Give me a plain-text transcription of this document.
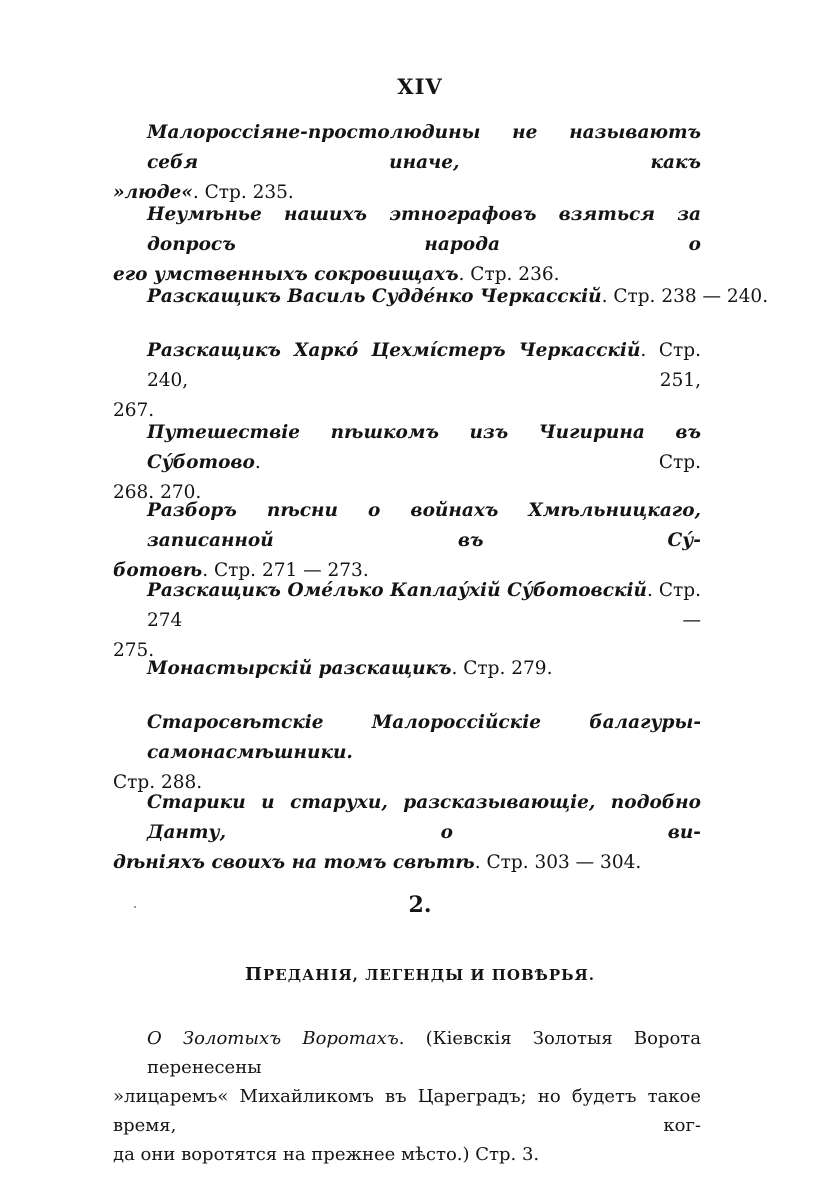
XIV
Малороссіяне-простолюдины не называютъ себя иначе, какъ
»люде«. Стр. 235.
Неумѣнье нашихъ этнографовъ взяться за допросъ народа о
его умственныхъ сокровищахъ. Стр. 236.
Разскащикъ Василь Судде́нко Черкасскій. Стр. 238 — 240.
Разскащикъ Харко́ Цехмі́стеръ Черкасскій. Стр. 240, 251,
267.
Путешествіе пѣшкомъ изъ Чигирина въ Су́ботово. Стр.
268. 270.
Разборъ пѣсни о войнахъ Хмѣльницкаго, записанной въ Су́-
ботовѣ. Стр. 271 — 273.
Разскащикъ Оме́лько Каплау́хій Су́ботовскій. Стр. 274 —
275.
Монастырскій разскащикъ. Стр. 279.
Старосвѣтскіе Малороссійскіе балагуры-самонасмѣшники.
Стр. 288.
Старики и старухи, разсказывающіе, подобно Данту, о ви-
дѣніяхъ своихъ на томъ свѣтѣ. Стр. 303 — 304.
2.
ПРЕДАНІЯ, ЛЕГЕНДЫ И ПОВѢРЬЯ.
О Золотыхъ Воротахъ. (Кіевскія Золотыя Ворота перенесены
»лицаремъ« Михайликомъ въ Цареградъ; но будетъ такое время, ког-
да они воротятся на прежнее мѣсто.) Стр. 3.
